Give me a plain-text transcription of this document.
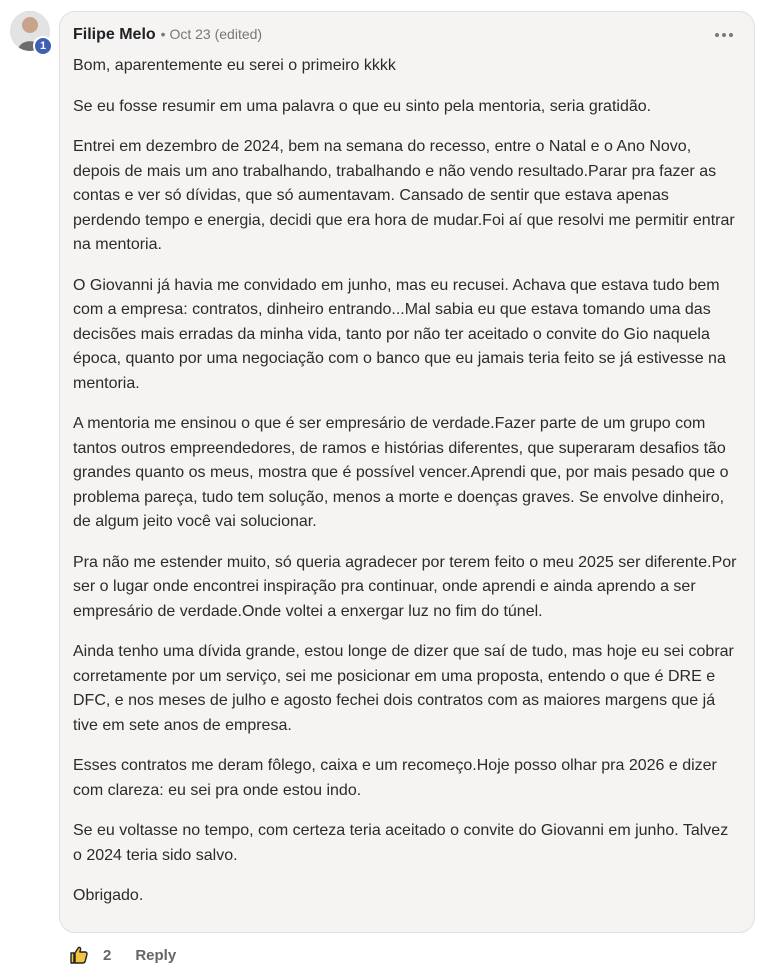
1
Filipe Melo • Oct 23 (edited)

Bom, aparentemente eu serei o primeiro kkkk

Se eu fosse resumir em uma palavra o que eu sinto pela mentoria, seria gratidão.

Entrei em dezembro de 2024, bem na semana do recesso, entre o Natal e o Ano Novo, depois de mais um ano trabalhando, trabalhando e não vendo resultado.Parar pra fazer as contas e ver só dívidas, que só aumentavam. Cansado de sentir que estava apenas perdendo tempo e energia, decidi que era hora de mudar.Foi aí que resolvi me permitir entrar na mentoria.

O Giovanni já havia me convidado em junho, mas eu recusei. Achava que estava tudo bem com a empresa: contratos, dinheiro entrando...Mal sabia eu que estava tomando uma das decisões mais erradas da minha vida, tanto por não ter aceitado o convite do Gio naquela época, quanto por uma negociação com o banco que eu jamais teria feito se já estivesse na mentoria.

A mentoria me ensinou o que é ser empresário de verdade.Fazer parte de um grupo com tantos outros empreendedores, de ramos e histórias diferentes, que superaram desafios tão grandes quanto os meus, mostra que é possível vencer.Aprendi que, por mais pesado que o problema pareça, tudo tem solução, menos a morte e doenças graves. Se envolve dinheiro, de algum jeito você vai solucionar.

Pra não me estender muito, só queria agradecer por terem feito o meu 2025 ser diferente.Por ser o lugar onde encontrei inspiração pra continuar, onde aprendi e ainda aprendo a ser empresário de verdade.Onde voltei a enxergar luz no fim do túnel.

Ainda tenho uma dívida grande, estou longe de dizer que saí de tudo, mas hoje eu sei cobrar corretamente por um serviço, sei me posicionar em uma proposta, entendo o que é DRE e DFC, e nos meses de julho e agosto fechei dois contratos com as maiores margens que já tive em sete anos de empresa.

Esses contratos me deram fôlego, caixa e um recomeço.Hoje posso olhar pra 2026 e dizer com clareza: eu sei pra onde estou indo.

Se eu voltasse no tempo, com certeza teria aceitado o convite do Giovanni em junho. Talvez o 2024 teria sido salvo.

Obrigado.

2 Reply
